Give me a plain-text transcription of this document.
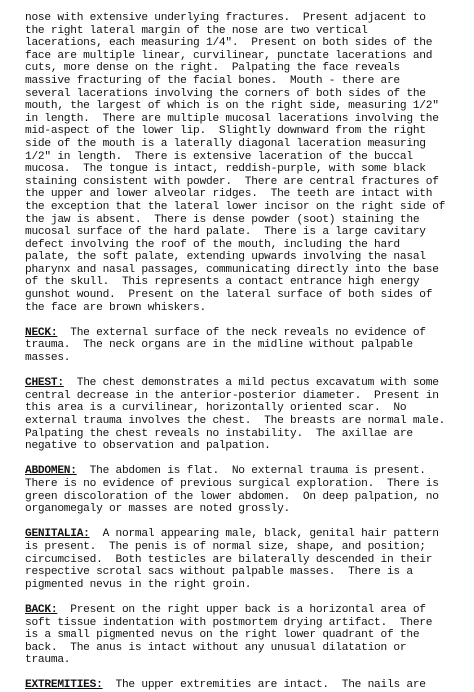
nose with extensive underlying fractures.  Present adjacent to
the right lateral margin of the nose are two vertical
lacerations, each measuring 1/4".  Present on both sides of the
face are multiple linear, curvilinear, punctate lacerations and
cuts, more dense on the right.  Palpating the face reveals
massive fracturing of the facial bones.  Mouth - there are
several lacerations involving the corners of both sides of the
mouth, the largest of which is on the right side, measuring 1/2"
in length.  There are multiple mucosal lacerations involving the
mid-aspect of the lower lip.  Slightly downward from the right
side of the mouth is a laterally diagonal laceration measuring
1/2" in length.  There is extensive laceration of the buccal
mucosa.  The tongue is intact, reddish-purple, with some black
staining consistent with powder.  There are central fractures of
the upper and lower alveolar ridges.  The teeth are intact with
the exception that the lateral lower incisor on the right side of
the jaw is absent.  There is dense powder (soot) staining the
mucosal surface of the hard palate.  There is a large cavitary
defect involving the roof of the mouth, including the hard
palate, the soft palate, extending upwards involving the nasal
pharynx and nasal passages, communicating directly into the base
of the skull.  This represents a contact entrance high energy
gunshot wound.  Present on the lateral surface of both sides of
the face are brown whiskers.
NECK:  The external surface of the neck reveals no evidence of
trauma.  The neck organs are in the midline without palpable
masses.
CHEST:  The chest demonstrates a mild pectus excavatum with some
central decrease in the anterior-posterior diameter.  Present in
this area is a curvilinear, horizontally oriented scar.  No
external trauma involves the chest.  The breasts are normal male.
Palpating the chest reveals no instability.  The axillae are
negative to observation and palpation.
ABDOMEN:  The abdomen is flat.  No external trauma is present.
There is no evidence of previous surgical exploration.  There is
green discoloration of the lower abdomen.  On deep palpation, no
organomegaly or masses are noted grossly.
GENITALIA:  A normal appearing male, black, genital hair pattern
is present.  The penis is of normal size, shape, and position;
circumcised.  Both testicles are bilaterally descended in their
respective scrotal sacs without palpable masses.  There is a
pigmented nevus in the right groin.
BACK:  Present on the right upper back is a horizontal area of
soft tissue indentation with postmortem drying artifact.  There
is a small pigmented nevus on the right lower quadrant of the
back.  The anus is intact without any unusual dilatation or
trauma.
EXTREMITIES:  The upper extremities are intact.  The nails are
